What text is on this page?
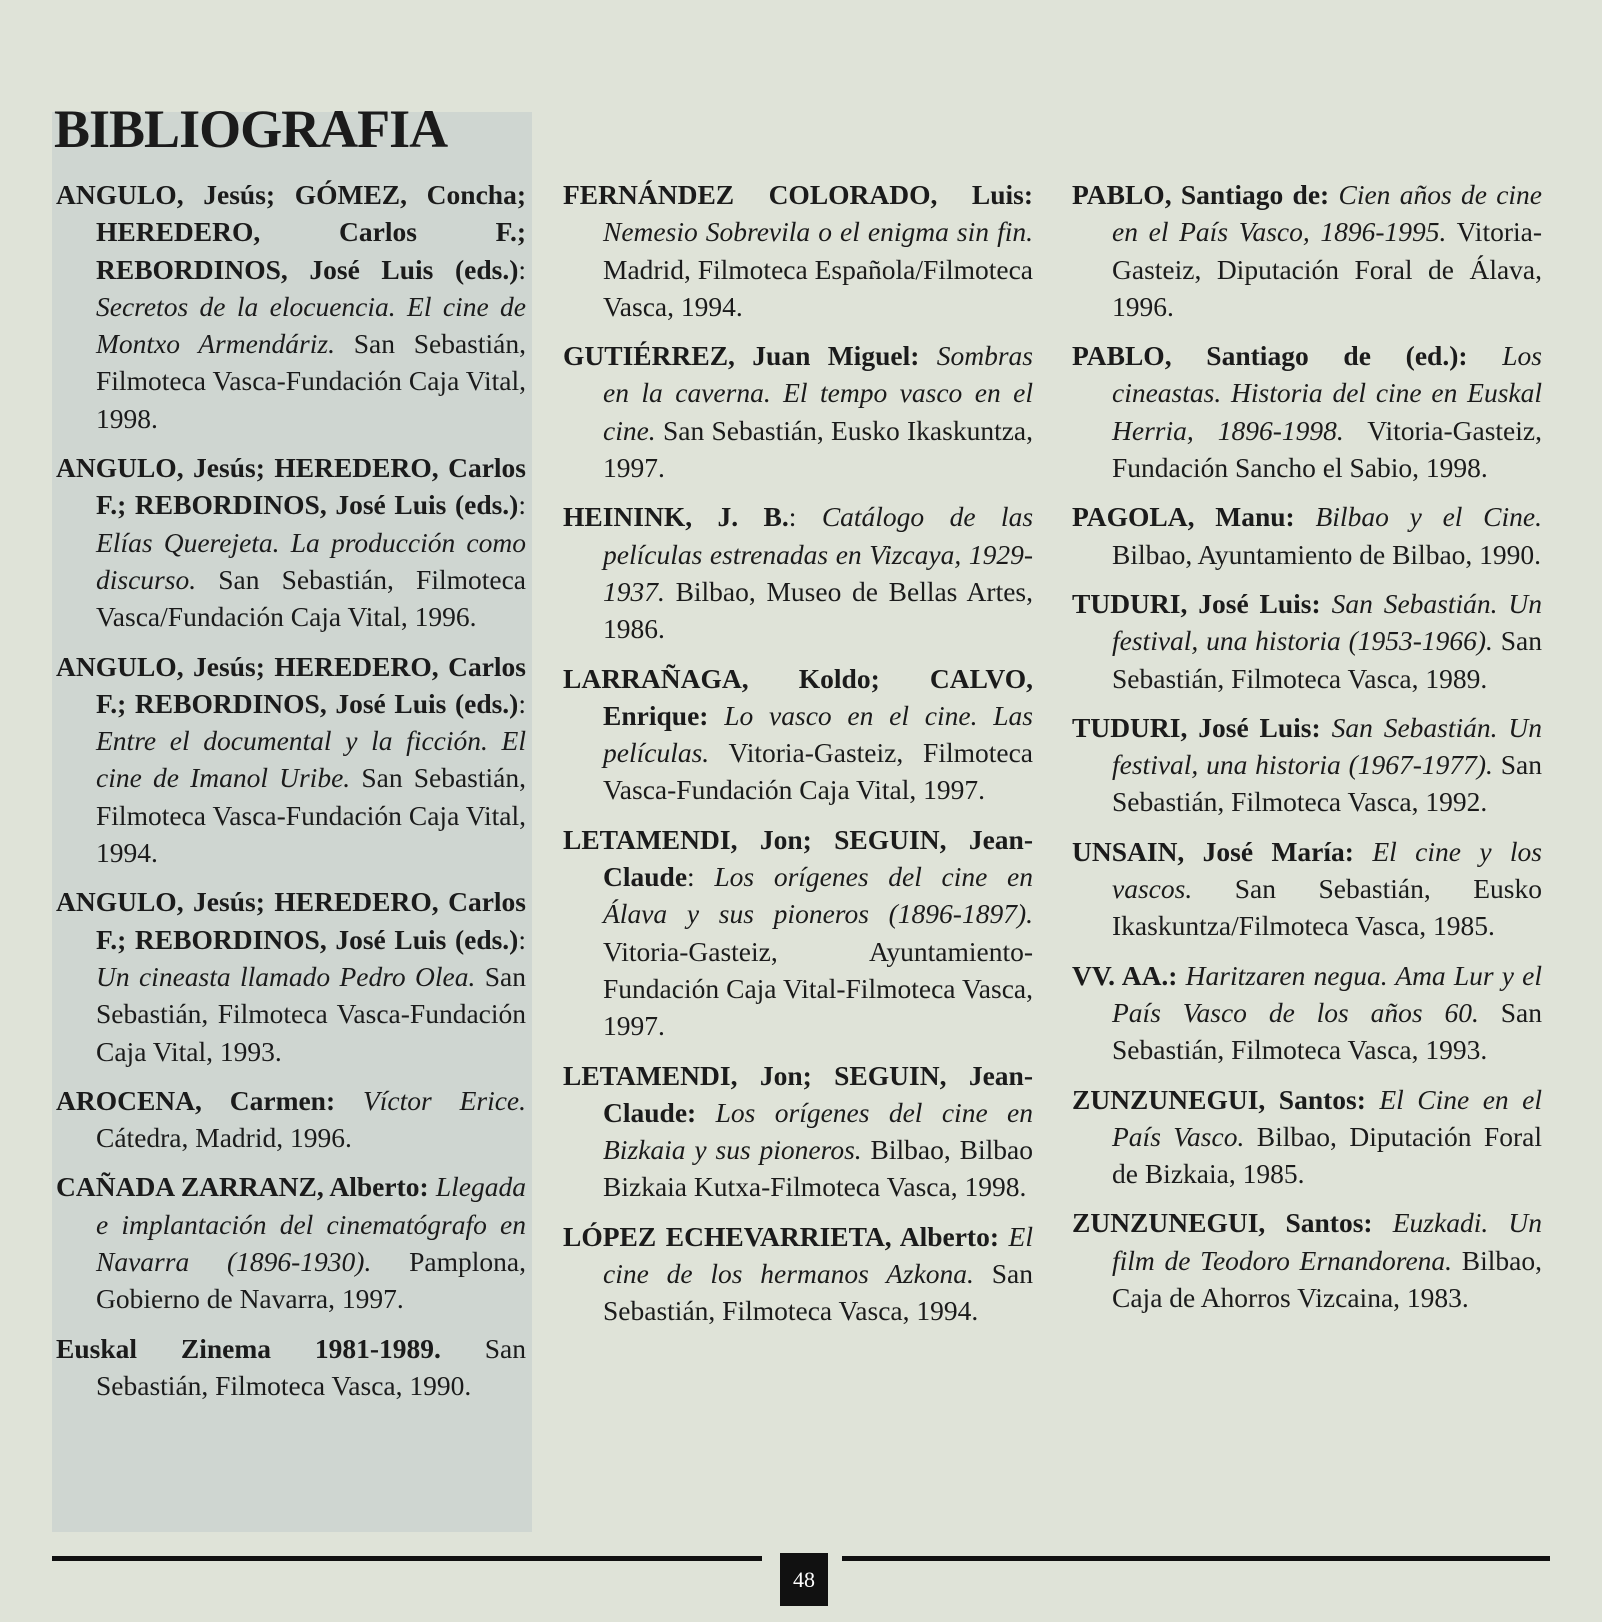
BIBLIOGRAFIA

ANGULO, Jesús; GÓMEZ, Concha; HEREDERO, Carlos F.; REBORDINOS, José Luis (eds.): Secretos de la elocuencia. El cine de Montxo Armendáriz. San Sebastián, Filmoteca Vasca-Fundación Caja Vital, 1998.

ANGULO, Jesús; HEREDERO, Carlos F.; REBORDINOS, José Luis (eds.): Elías Querejeta. La producción como discurso. San Sebastián, Filmoteca Vasca/Fundación Caja Vital, 1996.

ANGULO, Jesús; HEREDERO, Carlos F.; REBORDINOS, José Luis (eds.): Entre el documental y la ficción. El cine de Imanol Uribe. San Sebastián, Filmoteca Vasca-Fundación Caja Vital, 1994.

ANGULO, Jesús; HEREDERO, Carlos F.; REBORDINOS, José Luis (eds.): Un cineasta llamado Pedro Olea. San Sebastián, Filmoteca Vasca-Fundación Caja Vital, 1993.

AROCENA, Carmen: Víctor Erice. Cátedra, Madrid, 1996.

CAÑADA ZARRANZ, Alberto: Llegada e implantación del cinematógrafo en Navarra (1896-1930). Pamplona, Gobierno de Navarra, 1997.

Euskal Zinema 1981-1989. San Sebastián, Filmoteca Vasca, 1990.

FERNÁNDEZ COLORADO, Luis: Nemesio Sobrevila o el enigma sin fin. Madrid, Filmoteca Española/Filmoteca Vasca, 1994.

GUTIÉRREZ, Juan Miguel: Sombras en la caverna. El tempo vasco en el cine. San Sebastián, Eusko Ikaskuntza, 1997.

HEININK, J. B.: Catálogo de las películas estrenadas en Vizcaya, 1929-1937. Bilbao, Museo de Bellas Artes, 1986.

LARRAÑAGA, Koldo; CALVO, Enrique: Lo vasco en el cine. Las películas. Vitoria-Gasteiz, Filmoteca Vasca-Fundación Caja Vital, 1997.

LETAMENDI, Jon; SEGUIN, Jean-Claude: Los orígenes del cine en Álava y sus pioneros (1896-1897). Vitoria-Gasteiz, Ayuntamiento-Fundación Caja Vital-Filmoteca Vasca, 1997.

LETAMENDI, Jon; SEGUIN, Jean-Claude: Los orígenes del cine en Bizkaia y sus pioneros. Bilbao, Bilbao Bizkaia Kutxa-Filmoteca Vasca, 1998.

LÓPEZ ECHEVARRIETA, Alberto: El cine de los hermanos Azkona. San Sebastián, Filmoteca Vasca, 1994.

PABLO, Santiago de: Cien años de cine en el País Vasco, 1896-1995. Vitoria-Gasteiz, Diputación Foral de Álava, 1996.

PABLO, Santiago de (ed.): Los cineastas. Historia del cine en Euskal Herria, 1896-1998. Vitoria-Gasteiz, Fundación Sancho el Sabio, 1998.

PAGOLA, Manu: Bilbao y el Cine. Bilbao, Ayuntamiento de Bilbao, 1990.

TUDURI, José Luis: San Sebastián. Un festival, una historia (1953-1966). San Sebastián, Filmoteca Vasca, 1989.

TUDURI, José Luis: San Sebastián. Un festival, una historia (1967-1977). San Sebastián, Filmoteca Vasca, 1992.

UNSAIN, José María: El cine y los vascos. San Sebastián, Eusko Ikaskuntza/Filmoteca Vasca, 1985.

VV. AA.: Haritzaren negua. Ama Lur y el País Vasco de los años 60. San Sebastián, Filmoteca Vasca, 1993.

ZUNZUNEGUI, Santos: El Cine en el País Vasco. Bilbao, Diputación Foral de Bizkaia, 1985.

ZUNZUNEGUI, Santos: Euzkadi. Un film de Teodoro Ernandorena. Bilbao, Caja de Ahorros Vizcaina, 1983.

48
